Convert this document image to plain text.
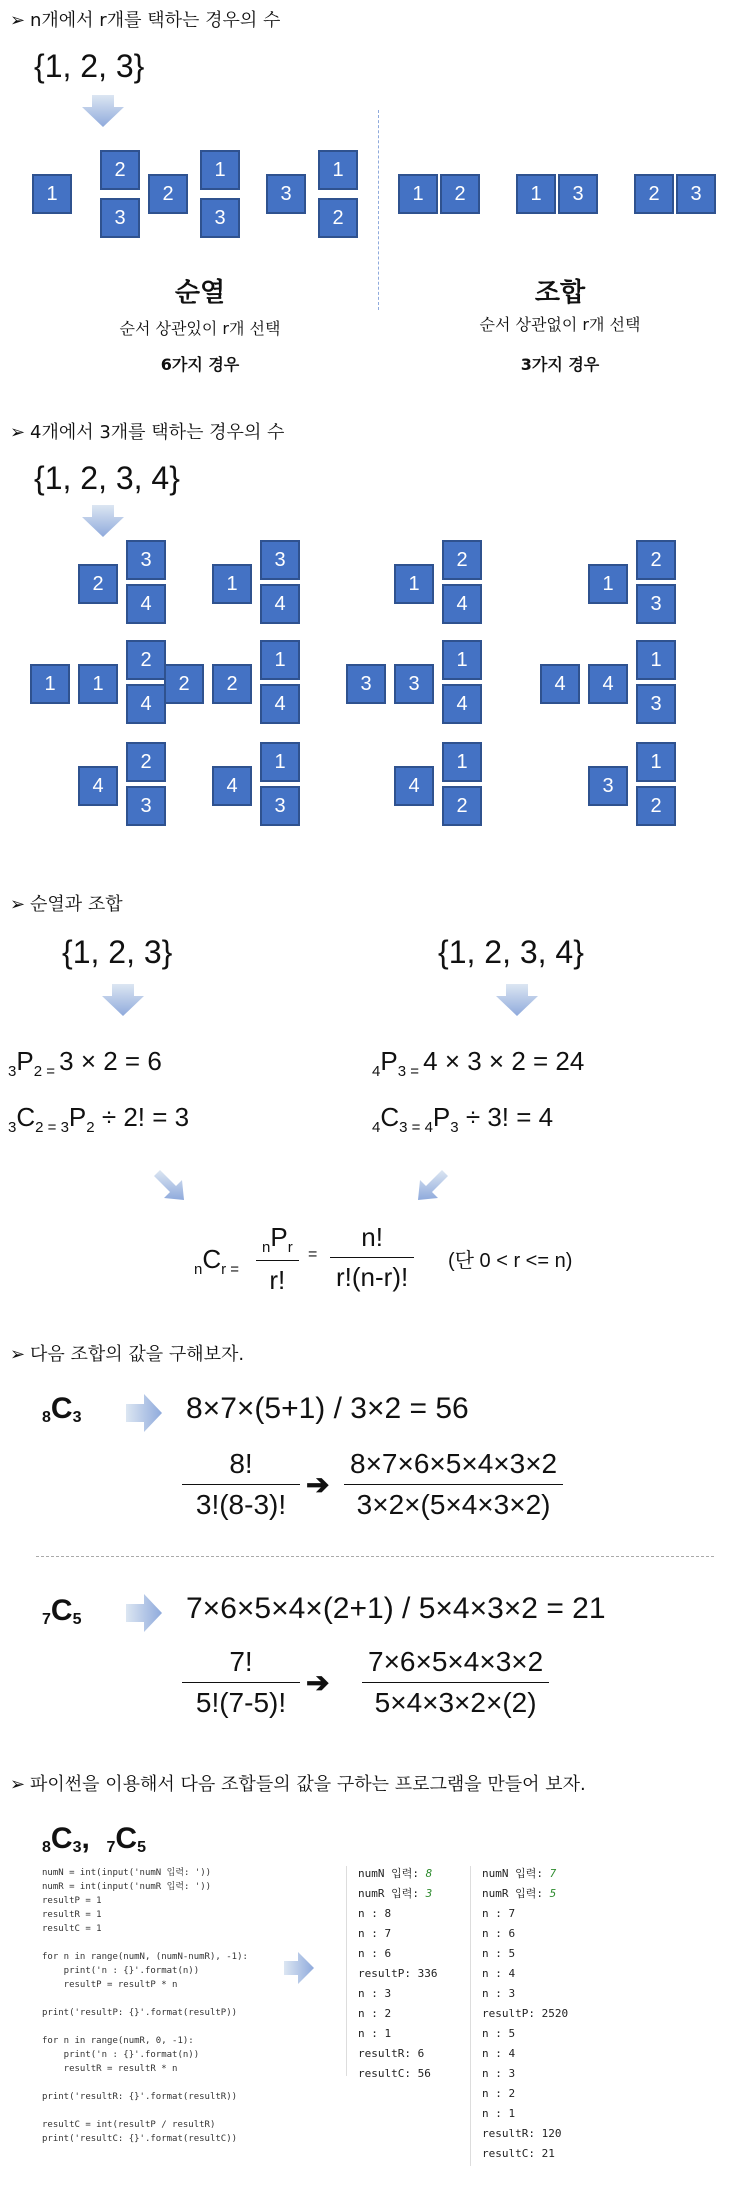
➢ n개에서 r개를 택하는 경우의 수
{1, 2, 3}
순열
순서 상관있이 r개 선택
6가지 경우
조합
순서 상관없이 r개 선택
3가지 경우
➢ 4개에서 3개를 택하는 경우의 수
{1, 2, 3, 4}
➢ 순열과 조합
{1, 2, 3}	{1, 2, 3, 4}
$_3P_2$ $_=$ 3 × 2 = 6
$_3C_2$ $_=$ $_3P_2 \div 2$! = 3
$_4P_3$ $_=$ 4 × 3 × 2 = 24
$_4C_3$ $_=$ $_4P_3 \div 3$! = 4
$_nC_r$ $_=$
$_nP_r$
r!
= $\frac{n!}{r!(n-r)!}$ (단 0 < r <= n)
➢ 다음 조합의 값을 구해보자.
8C3	8×7×(5+1) / 3×2 = 56
$\frac{8!}{3!(8-3)!}$ ➔ $\frac{8\times 7\times 6\times 5\times 4\times 3\times 2}{3\times 2\times(5\times 4\times 3\times 2)}$
7C5	7×6×5×4×(2+1) / 5×4×3×2 = 21
$\frac{7!}{5!(7-5)!}$ ➔ $\frac{7\times 6\times 5\times 4\times 3\times 2}{5\times 4\times 3\times 2\times(2)}$
➢ 파이썬을 이용해서 다음 조합들의 값을 구하는 프로그램을 만들어 보자.
8C3, 7C5
numN = int(input('numN 입력: '))
numR = int(input('numR 입력: '))
resultP = 1
resultR = 1
resultC = 1

for n in range(numN, (numN-numR), -1):
print('n : {}'.format(n))
resultP = resultP * n

print('resultP: {}'.format(resultP))

for n in range(numR, 0, -1):
print('n : {}'.format(n))
resultR = resultR * n

print('resultR: {}'.format(resultR))

resultC = int(resultP / resultR)
print('resultC: {}'.format(resultC))
numN 입력: 8
numR 입력: 3
n : 8
n : 7
n : 6
resultP: 336
n : 3
n : 2
n : 1
resultR: 6
resultC: 56
numN 입력: 7
numR 입력: 5
n : 7
n : 6
n : 5
n : 4
n : 3
resultP: 2520
n : 5
n : 4
n : 3
n : 2
n : 1
resultR: 120
resultC: 21
1
2
3
2
1
3
3
1
2
1	2	1	3	2	3
2
3
4
1
2
4
1
4
2
3
1
3
4
2
1
4
2
4
1
3
1
2
4
3
1
4
3
4
1
2
1
2
3
4
1
3
4
3
1
2
